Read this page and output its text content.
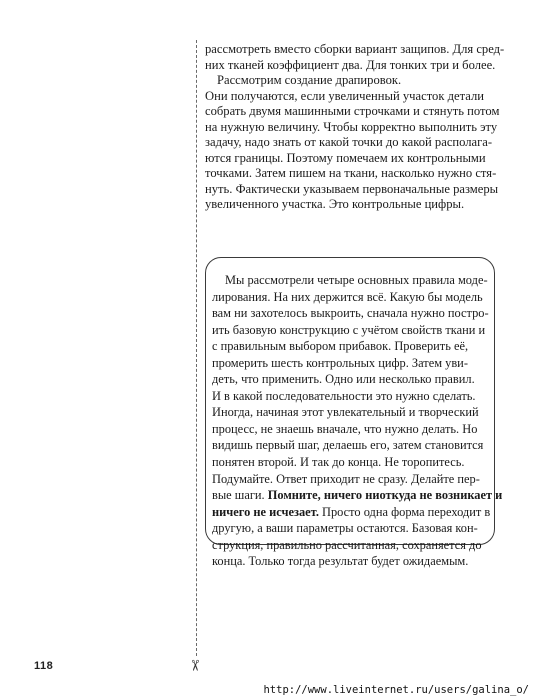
✂
рассмотреть вместо сборки вариант защипов. Для сред-
них тканей коэффициент два. Для тонких три и более.
Рассмотрим создание драпировок.
Они получаются, если увеличенный участок детали
собрать двумя машинными строчками и стянуть потом
на нужную величину. Чтобы корректно выполнить эту
задачу, надо знать от какой точки до какой располага-
ются границы. Поэтому помечаем их контрольными
точками. Затем пишем на ткани, насколько нужно стя-
нуть. Фактически указываем первоначальные размеры
увеличенного участка. Это контрольные цифры.
Мы рассмотрели четыре основных правила моде-
лирования. На них держится всё. Какую бы модель
вам ни захотелось выкроить, сначала нужно постро-
ить базовую конструкцию с учётом свойств ткани и
с правильным выбором прибавок. Проверить её,
промерить шесть контрольных цифр. Затем уви-
деть, что применить. Одно или несколько правил.
И в какой последовательности это нужно сделать.
Иногда, начиная этот увлекательный и творческий
процесс, не знаешь вначале, что нужно делать. Но
видишь первый шаг, делаешь его, затем становится
понятен второй. И так до конца. Не торопитесь.
Подумайте. Ответ приходит не сразу. Делайте пер-
вые шаги. Помните, ничего ниоткуда не возникает и
ничего не исчезает. Просто одна форма переходит в
другую, а ваши параметры остаются. Базовая кон-
струкция, правильно рассчитанная, сохраняется до
конца. Только тогда результат будет ожидаемым.
118
http://www.liveinternet.ru/users/galina_o/
